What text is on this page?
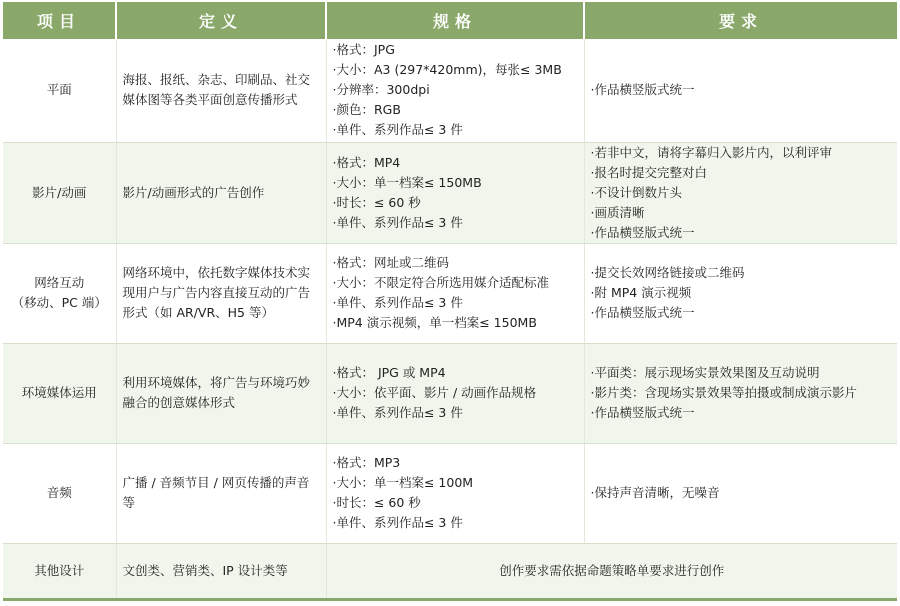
项目	定义	规格	要求

平面	海报、报纸、杂志、印刷品、社交媒体图等各类平面创意传播形式	·格式：JPG
·大小：A3 (297*420mm)，每张≤ 3MB
·分辨率：300dpi
·颜色：RGB
·单件、系列作品≤ 3 件	·作品横竖版式统一

影片/动画	影片/动画形式的广告创作	·格式：MP4
·大小：单一档案≤ 150MB
·时长：≤ 60 秒
·单件、系列作品≤ 3 件	·若非中文，请将字幕归入影片内，以利评审
·报名时提交完整对白
·不设计倒数片头
·画质清晰
·作品横竖版式统一

网络互动
（移动、PC 端）	网络环境中，依托数字媒体技术实现用户与广告内容直接互动的广告形式（如 AR/VR、H5 等）	·格式：网址或二维码
·大小：不限定符合所选用媒介适配标准
·单件、系列作品≤ 3 件
·MP4 演示视频，单一档案≤ 150MB	·提交长效网络链接或二维码
·附 MP4 演示视频
·作品横竖版式统一

环境媒体运用	利用环境媒体，将广告与环境巧妙融合的创意媒体形式	·格式： JPG 或 MP4
·大小：依平面、影片 / 动画作品规格
·单件、系列作品≤ 3 件	·平面类：展示现场实景效果图及互动说明
·影片类：含现场实景效果等拍摄或制成演示影片
·作品横竖版式统一

音频	广播 / 音频节目 / 网页传播的声音等	·格式：MP3
·大小：单一档案≤ 100M
·时长：≤ 60 秒
·单件、系列作品≤ 3 件	·保持声音清晰，无噪音

其他设计	文创类、营销类、IP 设计类等	创作要求需依据命题策略单要求进行创作	
